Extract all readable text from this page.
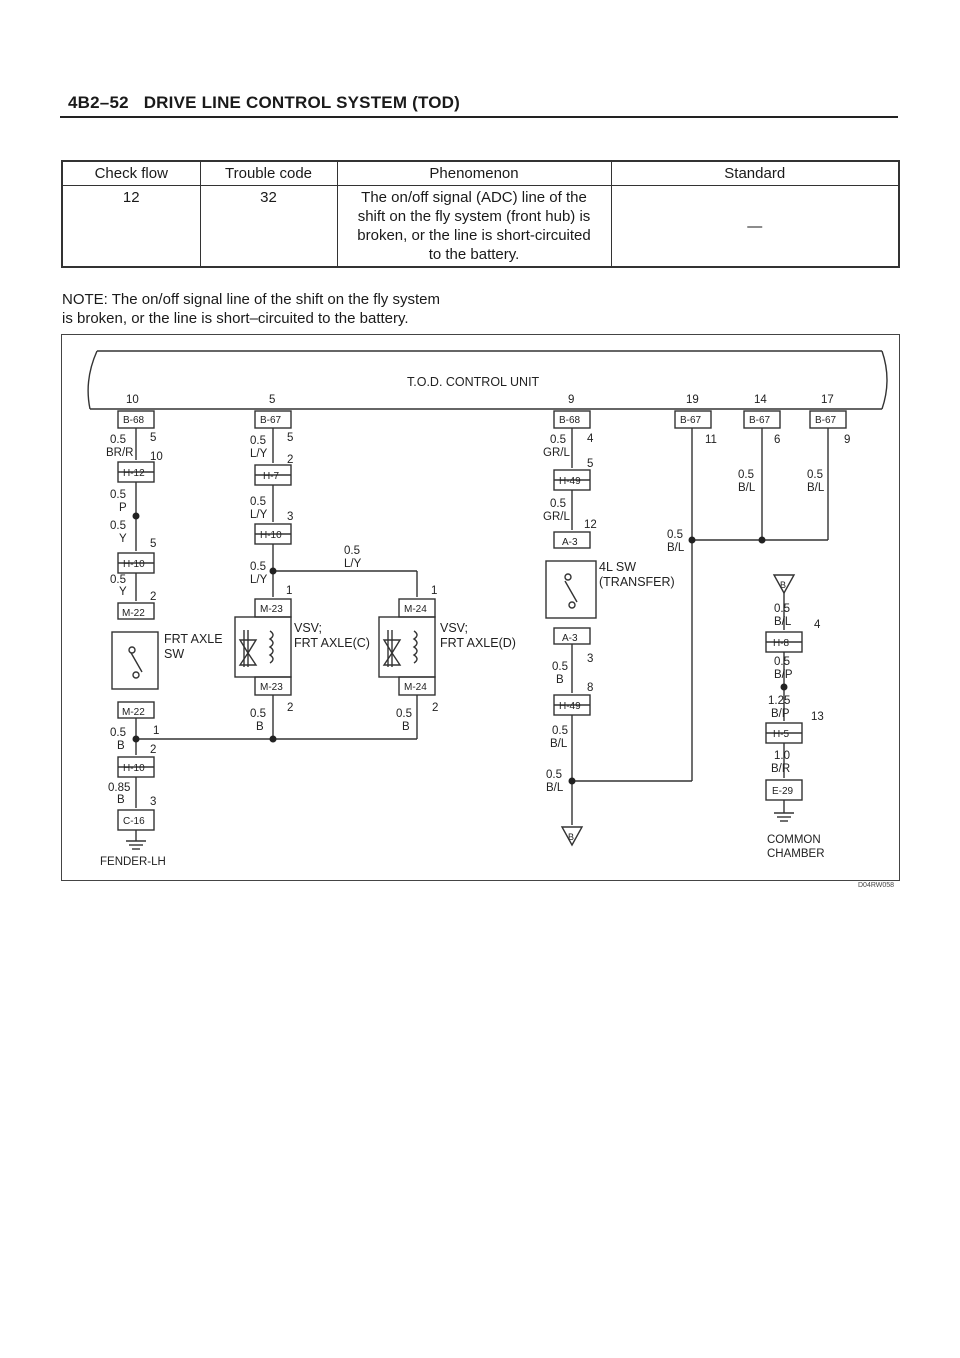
4B2–52 DRIVE LINE CONTROL SYSTEM (TOD)
Check flow	Trouble code	Phenomenon	Standard
12	32	The on/off signal (ADC) line of the
shift on the fly system (front hub) is
broken, or the line is short-circuited
to the battery.	—
NOTE: The on/off signal line of the shift on the fly system
is broken, or the line is short–circuited to the battery.
T.O.D. CONTROL UNIT
10	5	9	19	14	17
B-68	B-67	B-68	B-67	B-67	B-67
H-12
H-10
M-22
M-22
H-10
C-16
H-7
H-10
M-23
M-23
M-24
M-24
H-49
A-3
A-3
H-49
H-8
H-5
E-29
0.5
BR/R
5
10
0.5
P
0.5
Y 5
0.5
Y 2
FRT AXLE
SW
0.5
B
1
2
0.85
B 3
FENDER-LH
0.5
L/Y
5
2
0.5
L/Y 3
0.5
L/Y
0.5
L/Y
1	1
VSV;
FRT AXLE(C)
VSV;
FRT AXLE(D)
0.5
B
2	0.5
B
2
0.5
GR/L
4
5
0.5
GR/L
12
4L SW
(TRANSFER)
3
0.5
B
8
0.5
B/L
0.5
B/L
B
11	6	9
0.5
B/L
0.5
B/L
0.5
B/L
B
0.5
B/L 4
0.5
B/P
1.25
B/P 13
1.0
B/R
COMMON
CHAMBER
D04RW058
